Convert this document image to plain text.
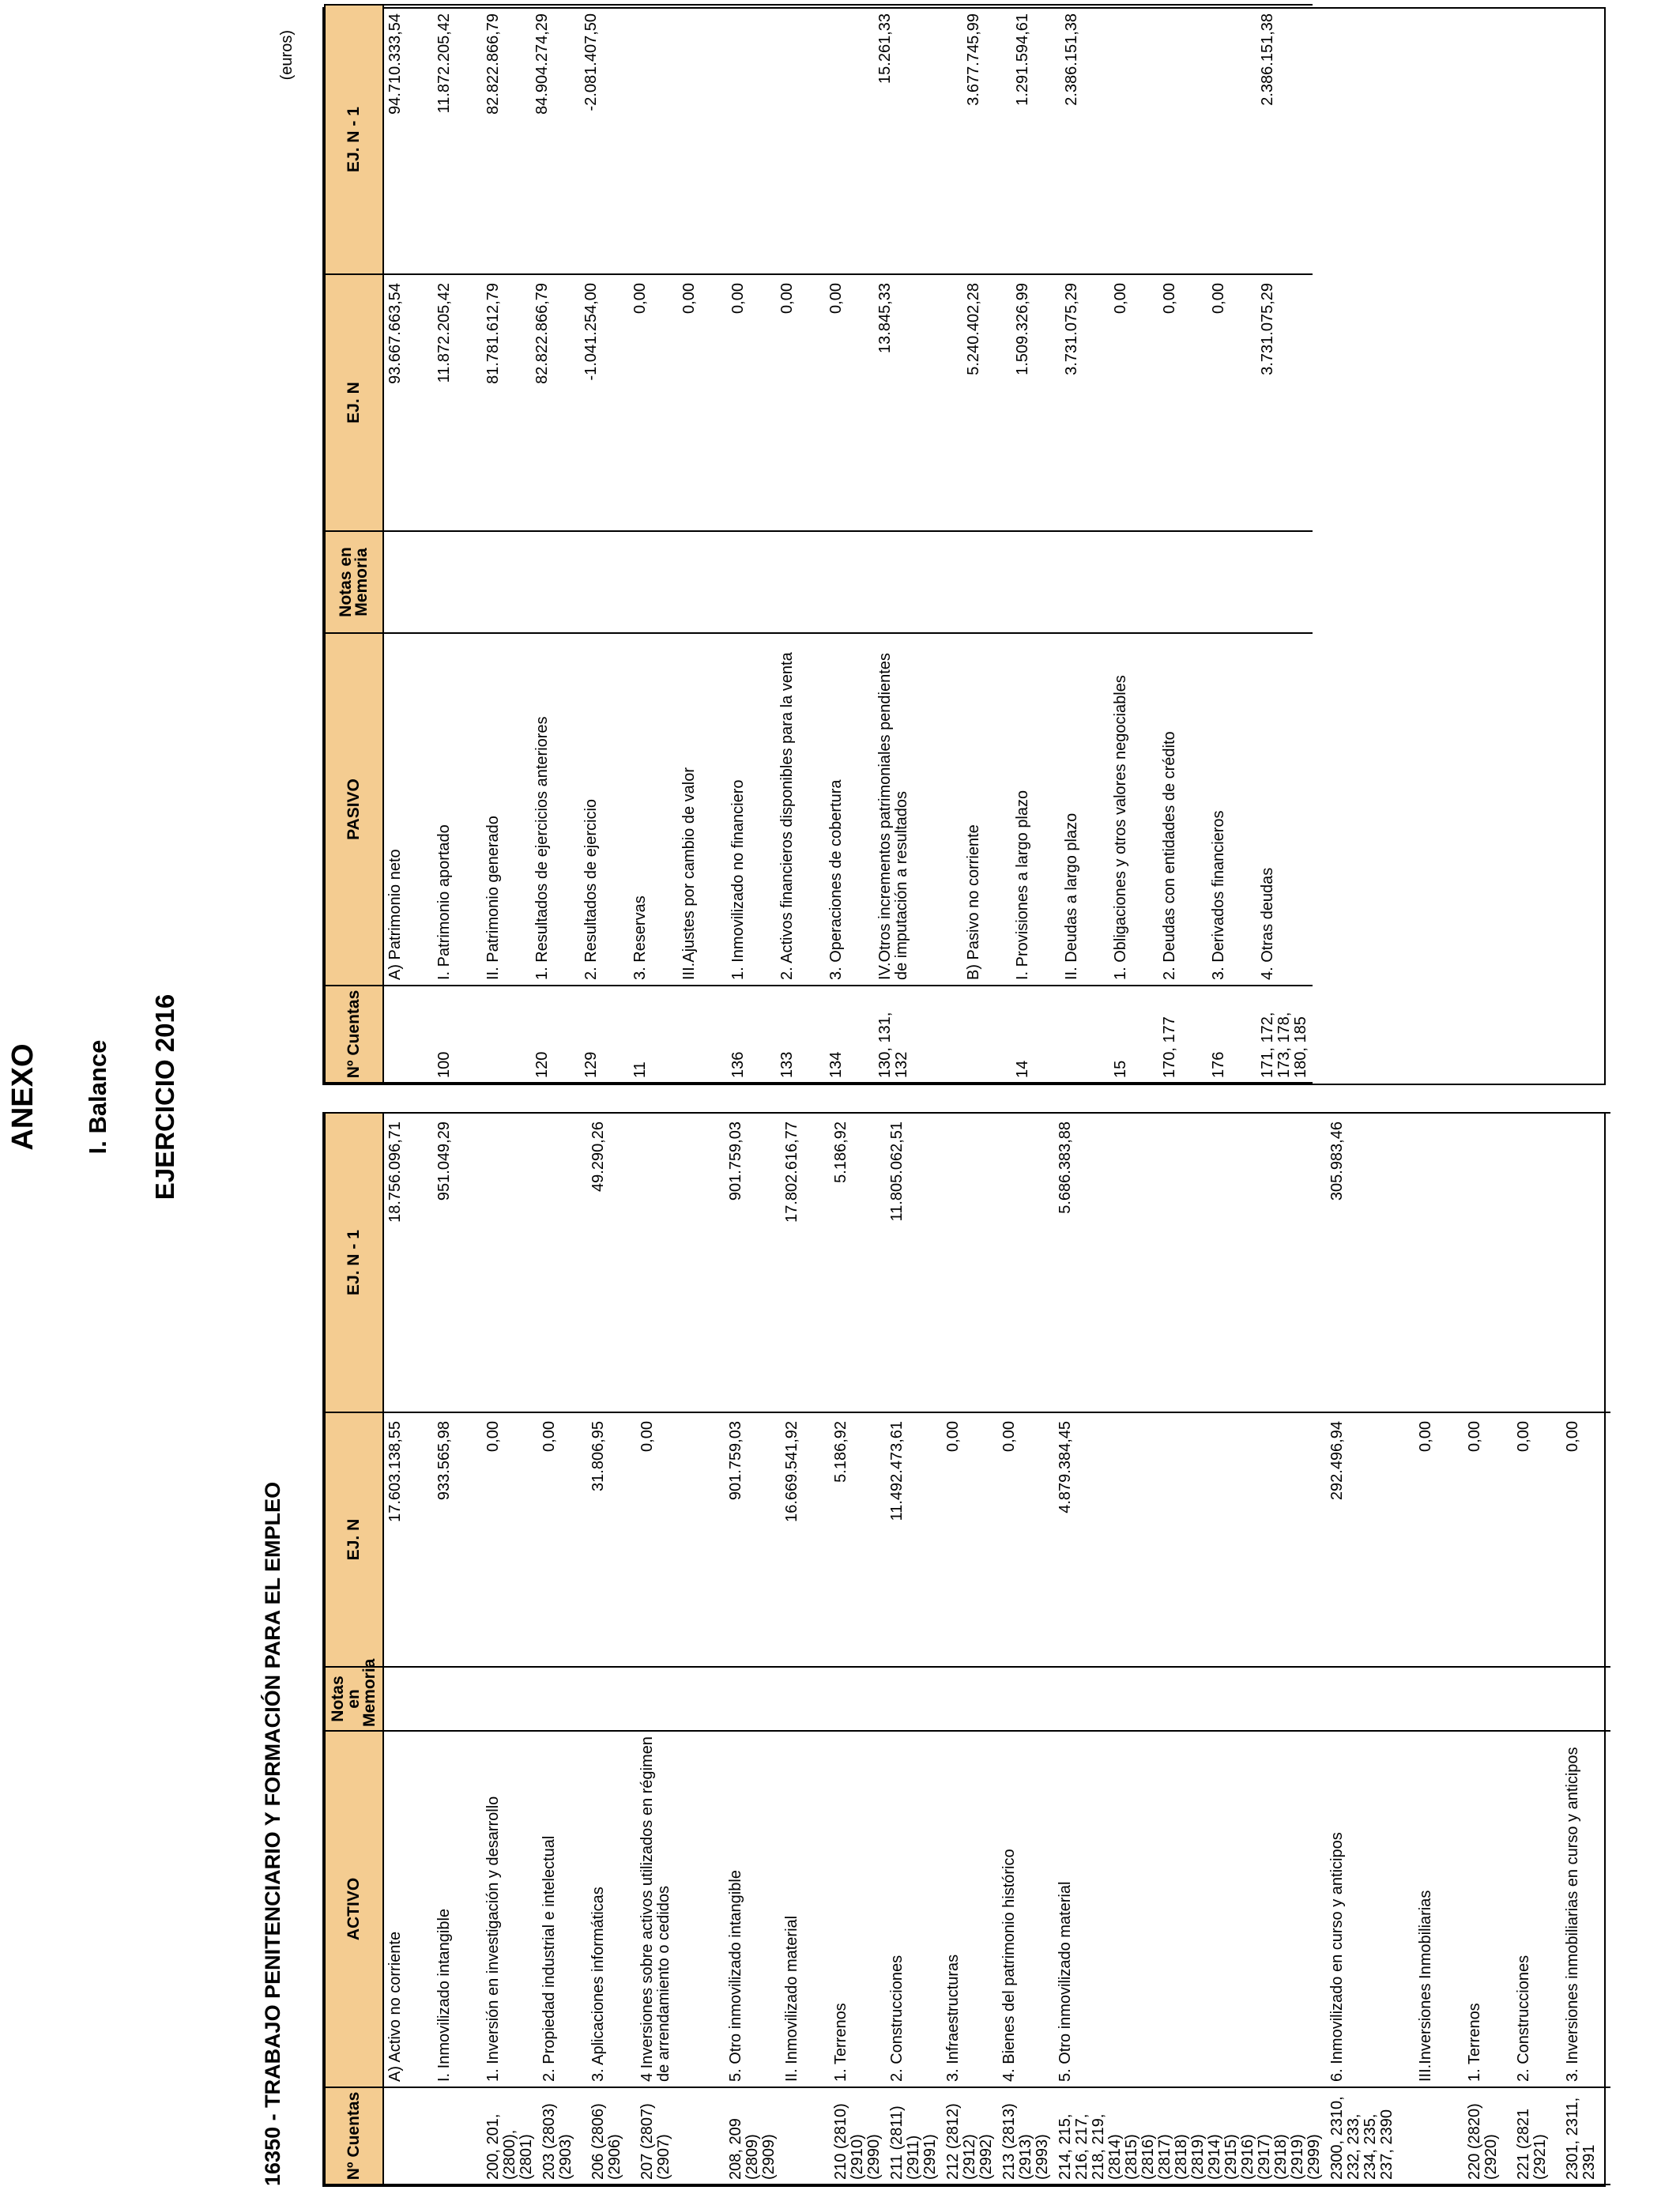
ANEXO I. Balance EJERCICIO 2016
16350 - TRABAJO PENITENCIARIO Y FORMACIÓN PARA EL EMPLEO
(euros)
Nº Cuentas	ACTIVO	Notas en Memoria	EJ. N	EJ. N - 1
	A) Activo no corriente		17.603.138,55	18.756.096,71
	I. Inmovilizado intangible		933.565,98	951.049,29
200, 201, (2800), (2801)	1. Inversión en investigación y desarrollo		0,00	
203 (2803) (2903)	2. Propiedad industrial e intelectual		0,00	
206 (2806) (2906)	3. Aplicaciones informáticas		31.806,95	49.290,26
207 (2807) (2907)	4 Inversiones sobre activos utilizados en régimen de arrendamiento o cedidos		0,00	
208, 209 (2809) (2909)	5. Otro inmovilizado intangible		901.759,03	901.759,03
	II. Inmovilizado material		16.669.541,92	17.802.616,77
210 (2810) (2910) (2990)	1. Terrenos		5.186,92	5.186,92
211 (2811) (2911) (2991)	2. Construcciones		11.492.473,61	11.805.062,51
212 (2812) (2912) (2992)	3. Infraestructuras		0,00	
213 (2813) (2913) (2993)	4. Bienes del patrimonio histórico		0,00	
214, 215, 216, 217, 218, 219, (2814) (2815) (2816) (2817) (2818) (2819) (2914) (2915) (2916) (2917) (2918) (2919) (2999)	5. Otro inmovilizado material		4.879.384,45	5.686.383,88
2300, 2310, 232, 233, 234, 235, 237, 2390	6. Inmovilizado en curso y anticipos		292.496,94	305.983,46
	III.Inversiones Inmobiliarias		0,00	
220 (2820) (2920)	1. Terrenos		0,00	
221 (2821 (2921)	2. Construcciones		0,00	
2301, 2311, 2391	3. Inversiones inmobiliarias en curso y anticipos		0,00	
Nº Cuentas	PASIVO	Notas en Memoria	EJ. N	EJ. N - 1
	A) Patrimonio neto		93.667.663,54	94.710.333,54
100	I. Patrimonio aportado		11.872.205,42	11.872.205,42
	II. Patrimonio generado		81.781.612,79	82.822.866,79
120	1. Resultados de ejercicios anteriores		82.822.866,79	84.904.274,29
129	2. Resultados de ejercicio		-1.041.254,00	-2.081.407,50
11	3. Reservas		0,00	
	III.Ajustes por cambio de valor		0,00	
136	1. Inmovilizado no financiero		0,00	
133	2. Activos financieros disponibles para la venta		0,00	
134	3. Operaciones de cobertura		0,00	
130, 131, 132	IV.Otros incrementos patrimoniales pendientes de imputación a resultados		13.845,33	15.261,33
	B) Pasivo no corriente		5.240.402,28	3.677.745,99
14	I. Provisiones a largo plazo		1.509.326,99	1.291.594,61
	II. Deudas a largo plazo		3.731.075,29	2.386.151,38
15	1. Obligaciones y otros valores negociables		0,00	
170, 177	2. Deudas con entidades de crédito		0,00	
176	3. Derivados financieros		0,00	
171, 172, 173, 178, 180, 185	4. Otras deudas		3.731.075,29	2.386.151,38
